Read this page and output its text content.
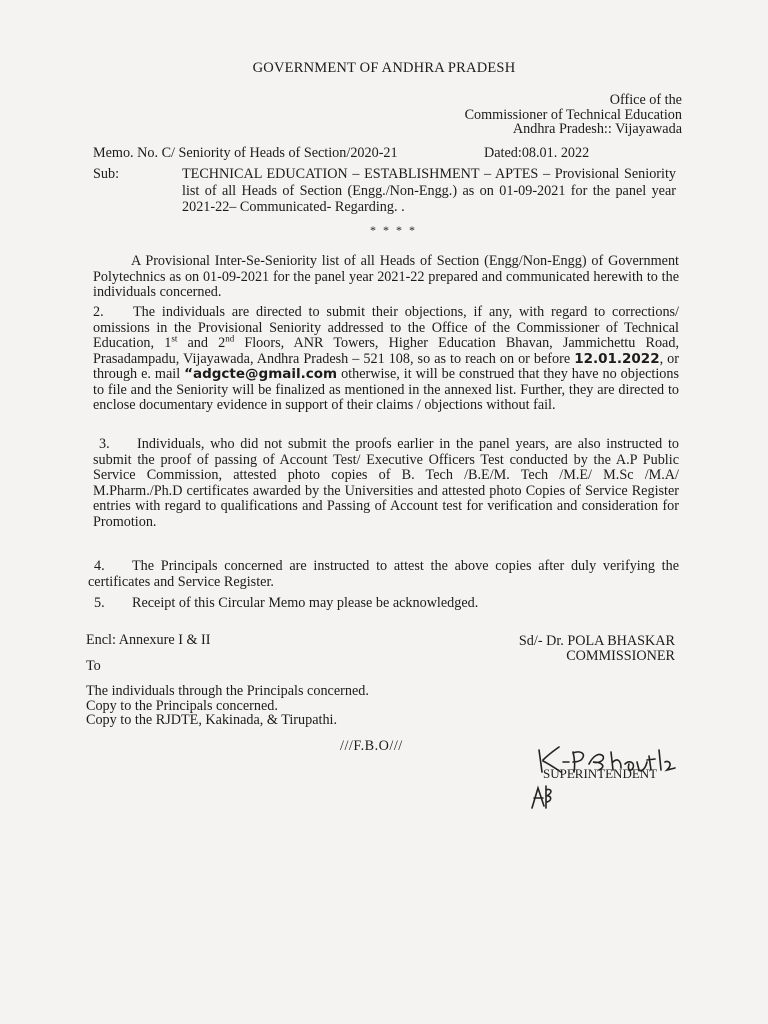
GOVERNMENT OF ANDHRA PRADESH
Office of the
Commissioner of Technical Education
Andhra Pradesh:: Vijayawada
Memo. No. C/ Seniority of Heads of Section/2020-21	Dated:08.01. 2022
Sub:	TECHNICAL EDUCATION – ESTABLISHMENT – APTES – Provisional Seniority list of all Heads of Section (Engg./Non-Engg.) as on 01-09-2021 for the panel year 2021-22– Communicated- Regarding. .
* * * *
A Provisional Inter-Se-Seniority list of all Heads of Section (Engg/Non-Engg) of Government Polytechnics as on 01-09-2021 for the panel year 2021-22 prepared and communicated herewith to the individuals concerned.
2. The individuals are directed to submit their objections, if any, with regard to corrections/ omissions in the Provisional Seniority addressed to the Office of the Commissioner of Technical Education, 1st and 2nd Floors, ANR Towers, Higher Education Bhavan, Jammichettu Road, Prasadampadu, Vijayawada, Andhra Pradesh – 521 108, so as to reach on or before 12.01.2022, or through e. mail “adgcte@gmail.com otherwise, it will be construed that they have no objections to file and the Seniority will be finalized as mentioned in the annexed list. Further, they are directed to enclose documentary evidence in support of their claims / objections without fail.
3. Individuals, who did not submit the proofs earlier in the panel years, are also instructed to submit the proof of passing of Account Test/ Executive Officers Test conducted by the A.P Public Service Commission, attested photo copies of B. Tech /B.E/M. Tech /M.E/ M.Sc /M.A/ M.Pharm./Ph.D certificates awarded by the Universities and attested photo Copies of Service Register entries with regard to qualifications and Passing of Account test for verification and consideration for Promotion.
4. The Principals concerned are instructed to attest the above copies after duly verifying the certificates and Service Register.
5. Receipt of this Circular Memo may please be acknowledged.
Encl: Annexure I & II	Sd/- Dr. POLA BHASKAR
COMMISSIONER
To
The individuals through the Principals concerned.
Copy to the Principals concerned.
Copy to the RJDTE, Kakinada, & Tirupathi.
///F.B.O///
SUPERINTENDENT
